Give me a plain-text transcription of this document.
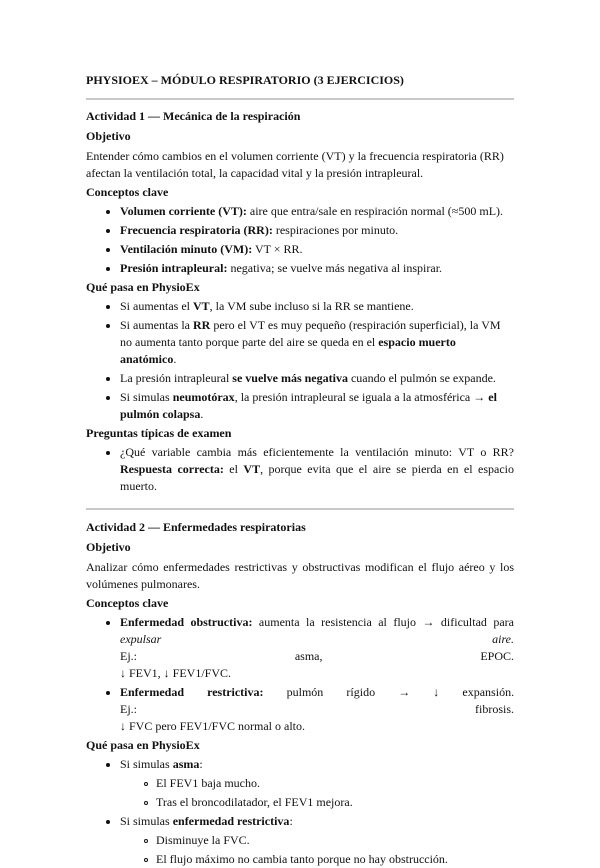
PHYSIOEX – MÓDULO RESPIRATORIO (3 EJERCICIOS)

Actividad 1 — Mecánica de la respiración
Objetivo

Entender cómo cambios en el volumen corriente (VT) y la frecuencia respiratoria (RR) afectan la ventilación total, la capacidad vital y la presión intrapleural.

Conceptos clave
Volumen corriente (VT): aire que entra/sale en respiración normal (≈500 mL).
Frecuencia respiratoria (RR): respiraciones por minuto.
Ventilación minuto (VM): VT × RR.
Presión intrapleural: negativa; se vuelve más negativa al inspirar.
Qué pasa en PhysioEx
Si aumentas el VT, la VM sube incluso si la RR se mantiene.
Si aumentas la RR pero el VT es muy pequeño (respiración superficial), la VM no aumenta tanto porque parte del aire se queda en el espacio muerto anatómico.
La presión intrapleural se vuelve más negativa cuando el pulmón se expande.
Si simulas neumotórax, la presión intrapleural se iguala a la atmosférica → el pulmón colapsa.
Preguntas típicas de examen
¿Qué variable cambia más eficientemente la ventilación minuto: VT o RR? Respuesta correcta: el VT, porque evita que el aire se pierda en el espacio muerto.
Actividad 2 — Enfermedades respiratorias
Objetivo

Analizar cómo enfermedades restrictivas y obstructivas modifican el flujo aéreo y los volúmenes pulmonares.

Conceptos clave
Enfermedad obstructiva: aumenta la resistencia al flujo → dificultad para
expulsar	aire.
Ej.:	asma,	EPOC.
↓ FEV1, ↓ FEV1/FVC.
Enfermedad restrictiva: pulmón rígido → ↓ expansión.
Ej.:	fibrosis.
↓ FVC pero FEV1/FVC normal o alto.
Qué pasa en PhysioEx
Si simulas asma:
El FEV1 baja mucho.
Tras el broncodilatador, el FEV1 mejora.
Si simulas enfermedad restrictiva:
Disminuye la FVC.
El flujo máximo no cambia tanto porque no hay obstrucción.
